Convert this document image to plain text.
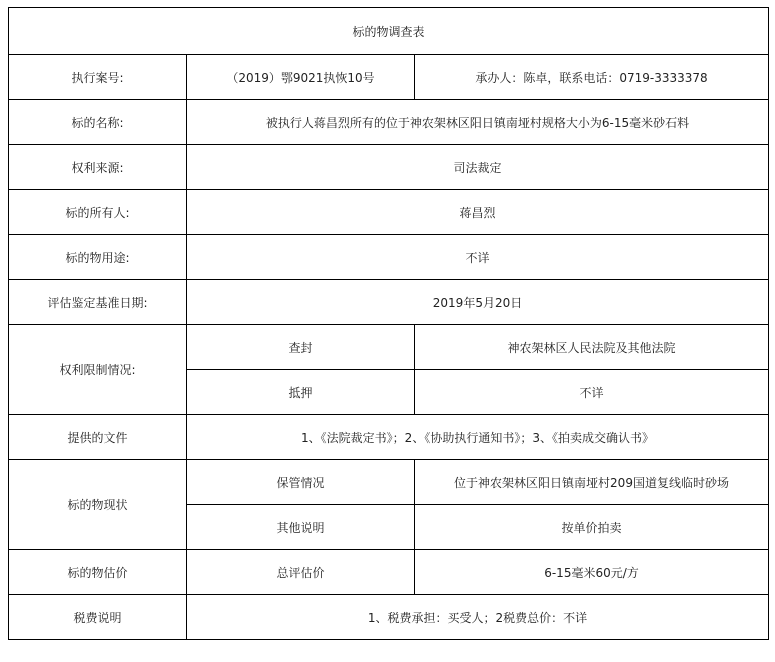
标的物调查表		
执行案号:	（2019）鄂9021执恢10号	承办人：陈卓，联系电话：0719-3333378
标的名称:	被执行人蒋昌烈所有的位于神农架林区阳日镇南垭村规格大小为6-15毫米砂石料	
权利来源:	司法裁定	
标的所有人:	蒋昌烈	
标的物用途:	不详	
评估鉴定基准日期:	2019年5月20日	
权利限制情况:	查封	神农架林区人民法院及其他法院
	抵押	不详
提供的文件	1、《法院裁定书》；2、《协助执行通知书》；3、《拍卖成交确认书》	
标的物现状	保管情况	位于神农架林区阳日镇南垭村209国道复线临时砂场
	其他说明	按单价拍卖
标的物估价	总评估价	6-15毫米60元/方
税费说明	1、税费承担：买受人；2税费总价：不详	
